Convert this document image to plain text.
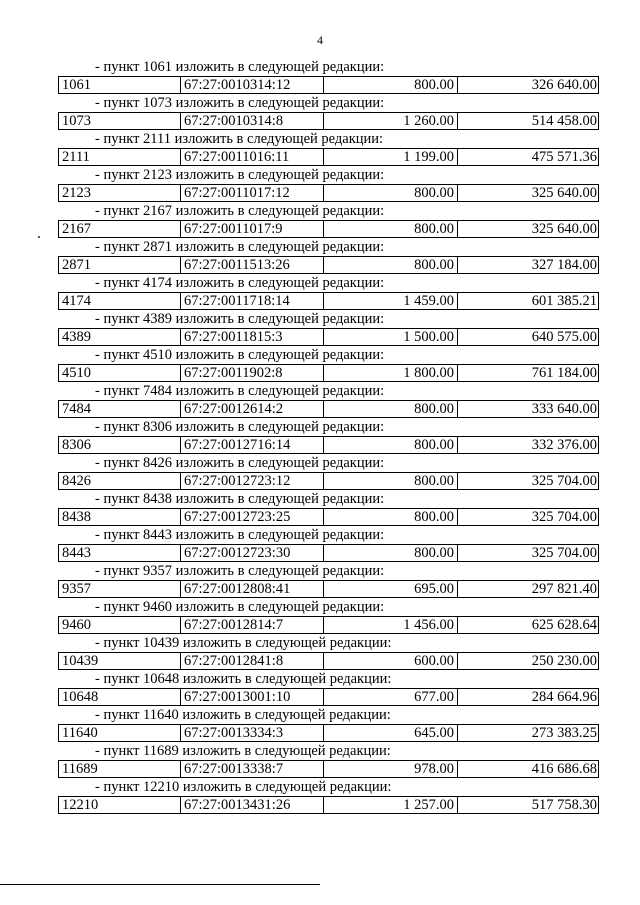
4
- пункт 1061 изложить в следующей редакции:
1061	67:27:0010314:12	800.00	326 640.00
- пункт 1073 изложить в следующей редакции:
1073	67:27:0010314:8	1 260.00	514 458.00
- пункт 2111 изложить в следующей редакции:
2111	67:27:0011016:11	1 199.00	475 571.36
- пункт 2123 изложить в следующей редакции:
2123	67:27:0011017:12	800.00	325 640.00
- пункт 2167 изложить в следующей редакции:
2167	67:27:0011017:9	800.00	325 640.00
- пункт 2871 изложить в следующей редакции:
2871	67:27:0011513:26	800.00	327 184.00
- пункт 4174 изложить в следующей редакции:
4174	67:27:0011718:14	1 459.00	601 385.21
- пункт 4389 изложить в следующей редакции:
4389	67:27:0011815:3	1 500.00	640 575.00
- пункт 4510 изложить в следующей редакции:
4510	67:27:0011902:8	1 800.00	761 184.00
- пункт 7484 изложить в следующей редакции:
7484	67:27:0012614:2	800.00	333 640.00
- пункт 8306 изложить в следующей редакции:
8306	67:27:0012716:14	800.00	332 376.00
- пункт 8426 изложить в следующей редакции:
8426	67:27:0012723:12	800.00	325 704.00
- пункт 8438 изложить в следующей редакции:
8438	67:27:0012723:25	800.00	325 704.00
- пункт 8443 изложить в следующей редакции:
8443	67:27:0012723:30	800.00	325 704.00
- пункт 9357 изложить в следующей редакции:
9357	67:27:0012808:41	695.00	297 821.40
- пункт 9460 изложить в следующей редакции:
9460	67:27:0012814:7	1 456.00	625 628.64
- пункт 10439 изложить в следующей редакции:
10439	67:27:0012841:8	600.00	250 230.00
- пункт 10648 изложить в следующей редакции:
10648	67:27:0013001:10	677.00	284 664.96
- пункт 11640 изложить в следующей редакции:
11640	67:27:0013334:3	645.00	273 383.25
- пункт 11689 изложить в следующей редакции:
11689	67:27:0013338:7	978.00	416 686.68
- пункт 12210 изложить в следующей редакции:
12210	67:27:0013431:26	1 257.00	517 758.30
